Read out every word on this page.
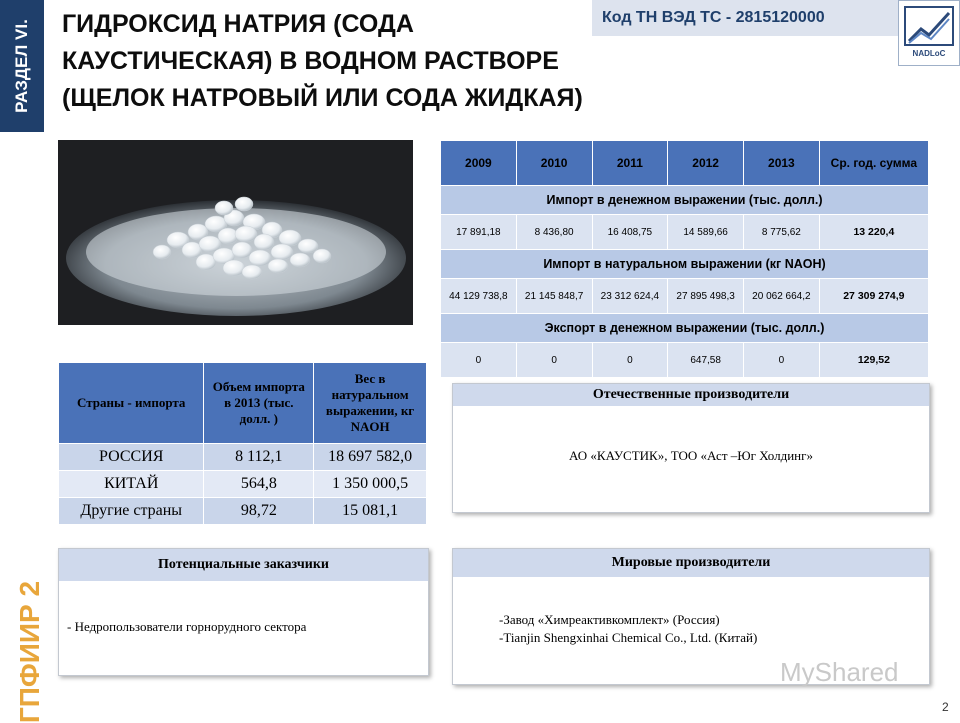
РАЗДЕЛ VI. ГИДРОКСИД НАТРИЯ (СОДА КАУСТИЧЕСКАЯ) В ВОДНОМ РАСТВОРЕ (ЩЕЛОК НАТРОВЫЙ ИЛИ СОДА ЖИДКАЯ)
Код ТН ВЭД ТС - 2815120000
NADLoC
2009	2010	2011	2012	2013	Ср. год. сумма
Импорт в денежном выражении (тыс. долл.)					
17 891,18	8 436,80	16 408,75	14 589,66	8 775,62	13 220,4
Импорт в натуральном выражении (кг NAOH)					
44 129 738,8	21 145 848,7	23 312 624,4	27 895 498,3	20 062 664,2	27 309 274,9
Экспорт в денежном выражении (тыс. долл.)					
0	0	0	647,58	0	129,52
Страны - импорта	Объем импорта в 2013 (тыс. долл. )	Вес в натуральном выражении, кг NAOH
РОССИЯ	8 112,1	18 697 582,0
КИТАЙ	564,8	1 350 000,5
Другие страны	98,72	15 081,1
Отечественные производители
АО «КАУСТИК», ТОО «Аст –Юг Холдинг»
Потенциальные заказчики
- Недропользователи горнорудного сектора
Мировые производители
-Завод «Химреактивкомплект» (Россия)
-Tianjin Shengxinhai Chemical Co., Ltd. (Китай)
ГПФИИР 2	MyShared
2
